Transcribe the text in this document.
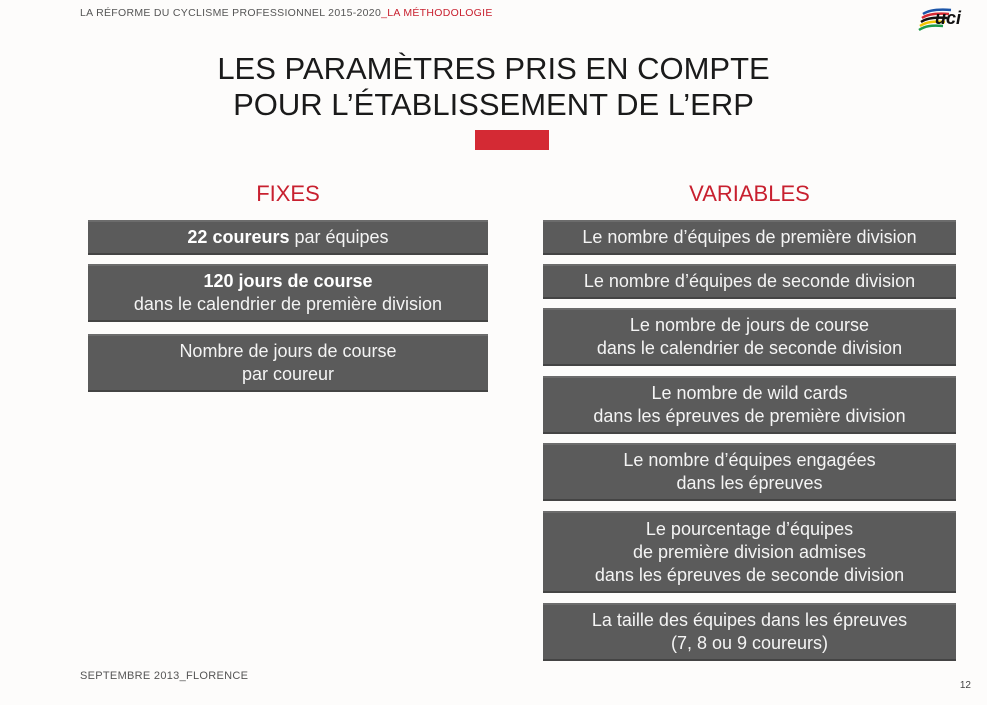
LA RÉFORME DU CYCLISME PROFESSIONNEL 2015-2020_LA MÉTHODOLOGIE	uci
LES PARAMÈTRES PRIS EN COMPTE
POUR L’ÉTABLISSEMENT DE L’ERP
FIXES
22 coureurs par équipes
120 jours de course
dans le calendrier de première division
Nombre de jours de course
par coureur
VARIABLES
Le nombre d’équipes de première division
Le nombre d’équipes de seconde division
Le nombre de jours de course
dans le calendrier de seconde division
Le nombre de wild cards
dans les épreuves de première division
Le nombre d’équipes engagées
dans les épreuves
Le pourcentage d’équipes
de première division admises
dans les épreuves de seconde division
La taille des équipes dans les épreuves
(7, 8 ou 9 coureurs)
SEPTEMBRE 2013_FLORENCE
12
